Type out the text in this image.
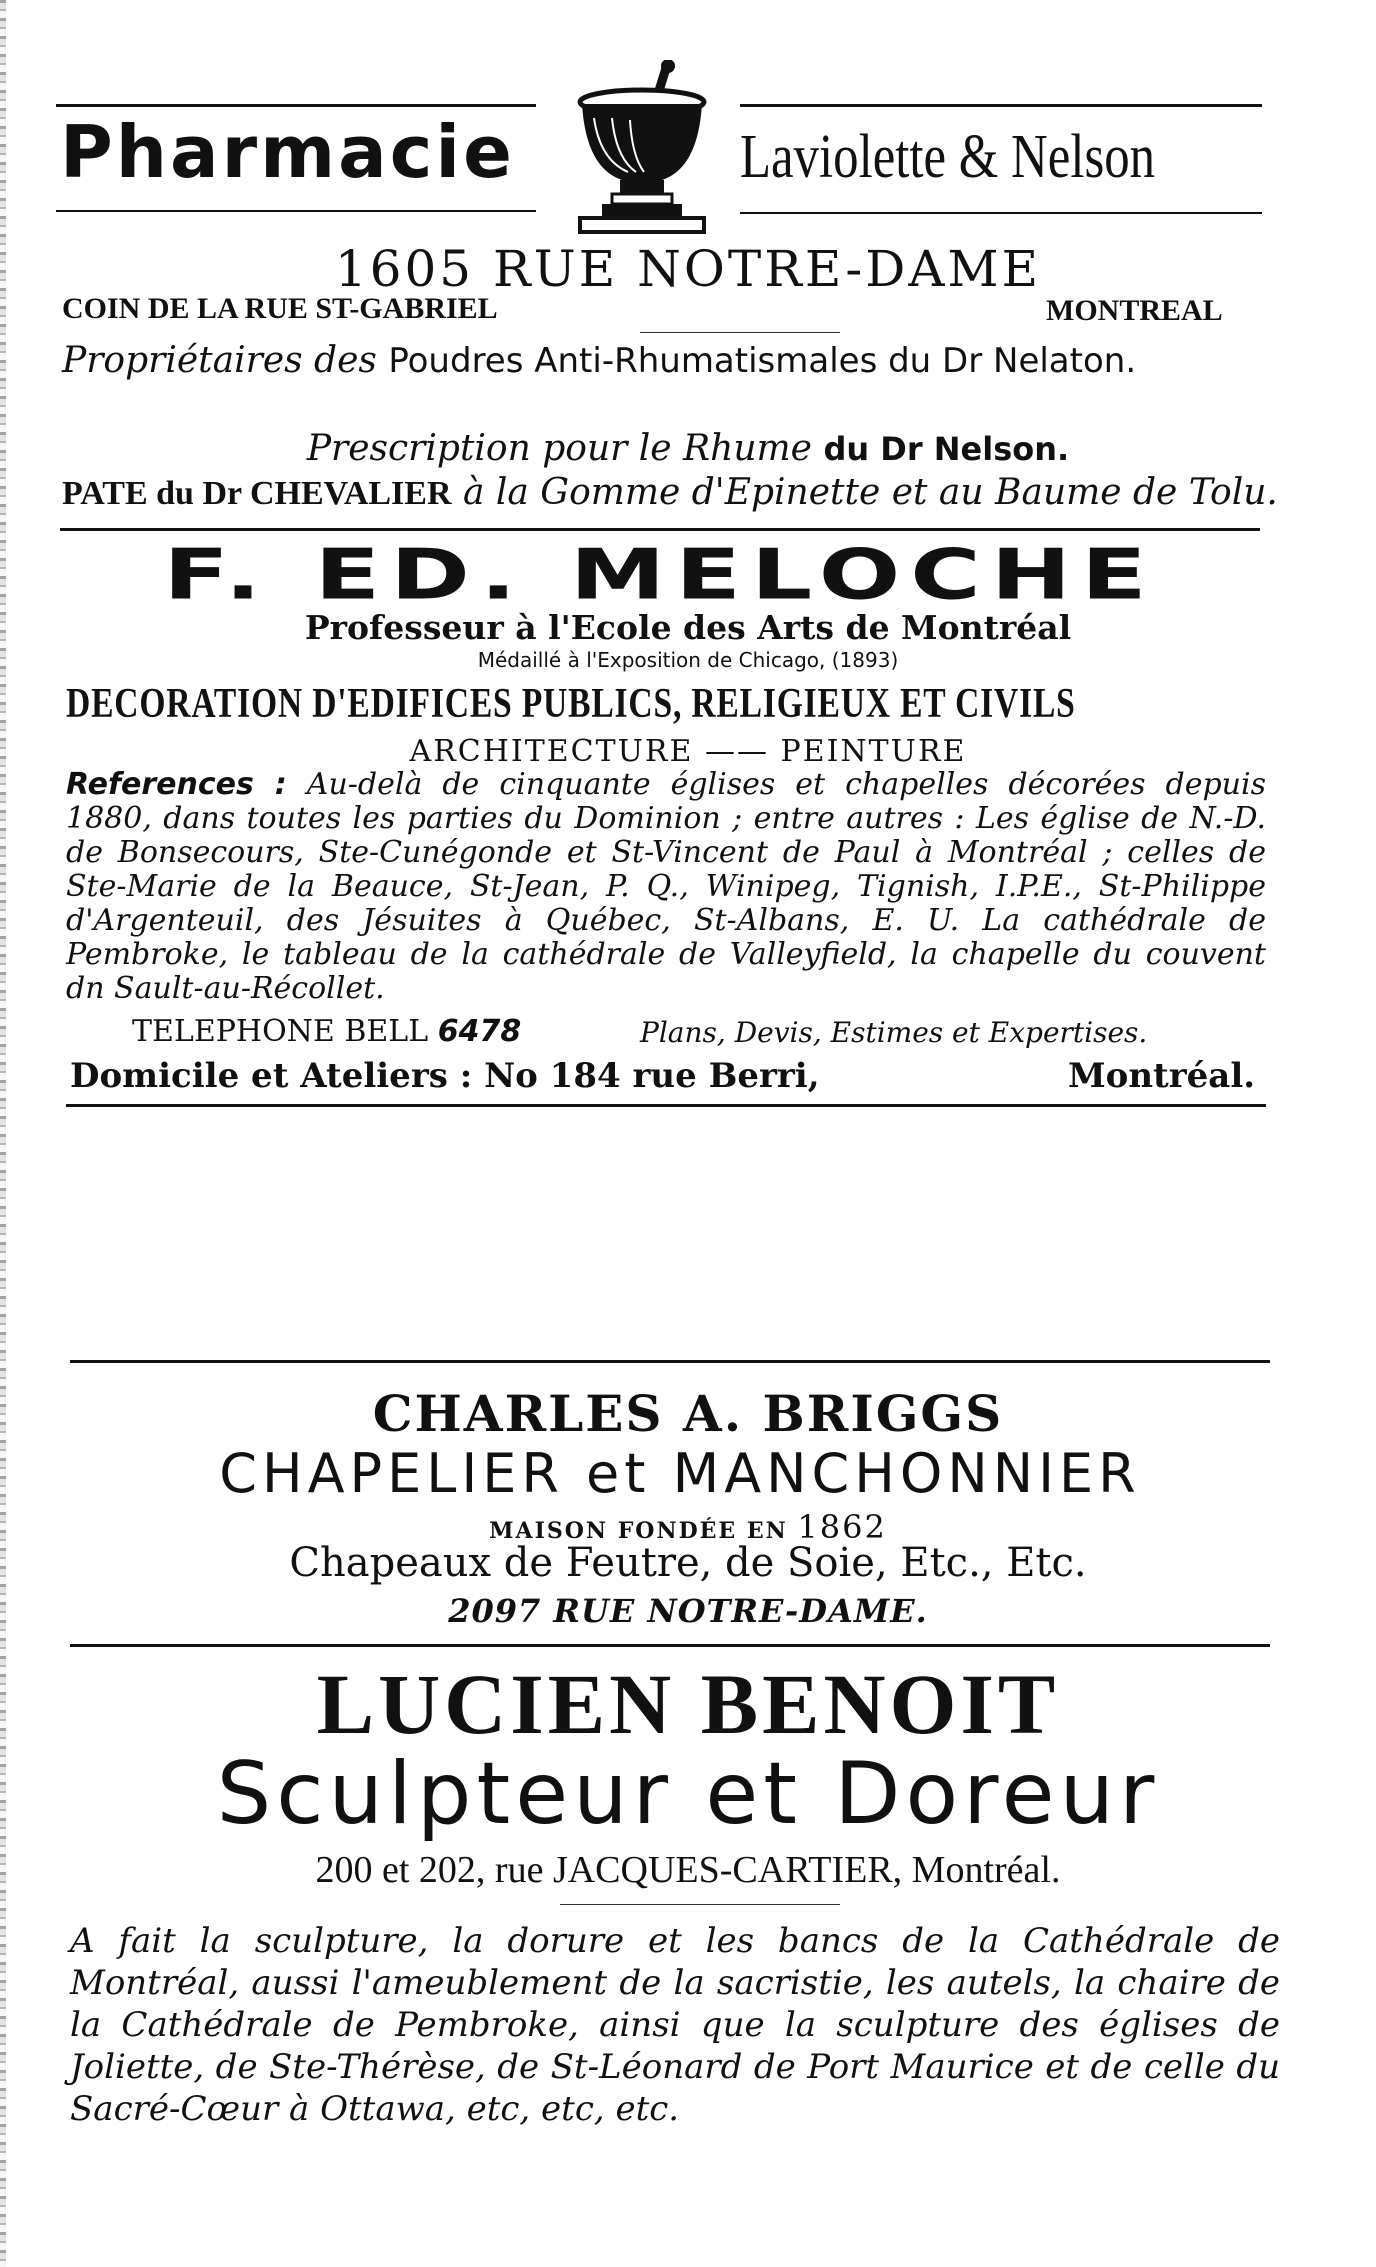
Pharmacie	Laviolette & Nelson
1605 RUE NOTRE-DAME
COIN DE LA RUE ST-GABRIEL	MONTREAL
Propriétaires des Poudres Anti-Rhumatismales du Dr Nelaton.
Prescription pour le Rhume du Dr Nelson.
PATE du Dr CHEVALIER à la Gomme d'Epinette et au Baume de Tolu.
F. ED. MELOCHE
Professeur à l'Ecole des Arts de Montréal
Médaillé à l'Exposition de Chicago, (1893)
DECORATION D'EDIFICES PUBLICS, RELIGIEUX ET CIVILS
ARCHITECTURE —— PEINTURE
References : Au-delà de cinquante églises et chapelles décorées depuis 1880, dans toutes les parties du Dominion ; entre autres : Les église de N.-D. de Bonsecours, Ste-Cunégonde et St-Vincent de Paul à Montréal ; celles de Ste-Marie de la Beauce, St-Jean, P. Q., Winipeg, Tignish, I.P.E., St-Philippe d'Argenteuil, des Jésuites à Québec, St-Albans, E. U. La cathédrale de Pembroke, le tableau de la cathédrale de Valleyfield, la chapelle du couvent dn Sault-au-Récollet.
TELEPHONE BELL 6478	Plans, Devis, Estimes et Expertises.
Domicile et Ateliers : No 184 rue Berri,	Montréal.
CHARLES A. BRIGGS
CHAPELIER et MANCHONNIER
MAISON FONDÉE EN 1862
Chapeaux de Feutre, de Soie, Etc., Etc.
2097 RUE NOTRE-DAME.
LUCIEN BENOIT
Sculpteur et Doreur
200 et 202, rue JACQUES-CARTIER, Montréal.
A fait la sculpture, la dorure et les bancs de la Cathédrale de Montréal, aussi l'ameublement de la sacristie, les autels, la chaire de la Cathédrale de Pembroke, ainsi que la sculpture des églises de Joliette, de Ste-Thérèse, de St-Léonard de Port Maurice et de celle du Sacré-Cœur à Ottawa, etc, etc, etc.
